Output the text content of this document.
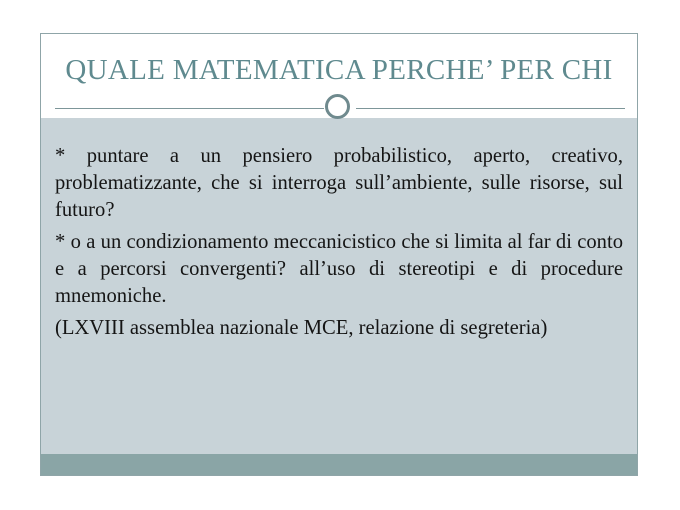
QUALE MATEMATICA PERCHE’ PER CHI

* puntare a un pensiero probabilistico, aperto, creativo, problematizzante, che si interroga sull’ambiente, sulle risorse, sul futuro?

* o a un condizionamento meccanicistico che si limita al far di conto e a percorsi convergenti? all’uso di stereotipi e di procedure mnemoniche.

(LXVIII assemblea nazionale MCE, relazione di segreteria)
